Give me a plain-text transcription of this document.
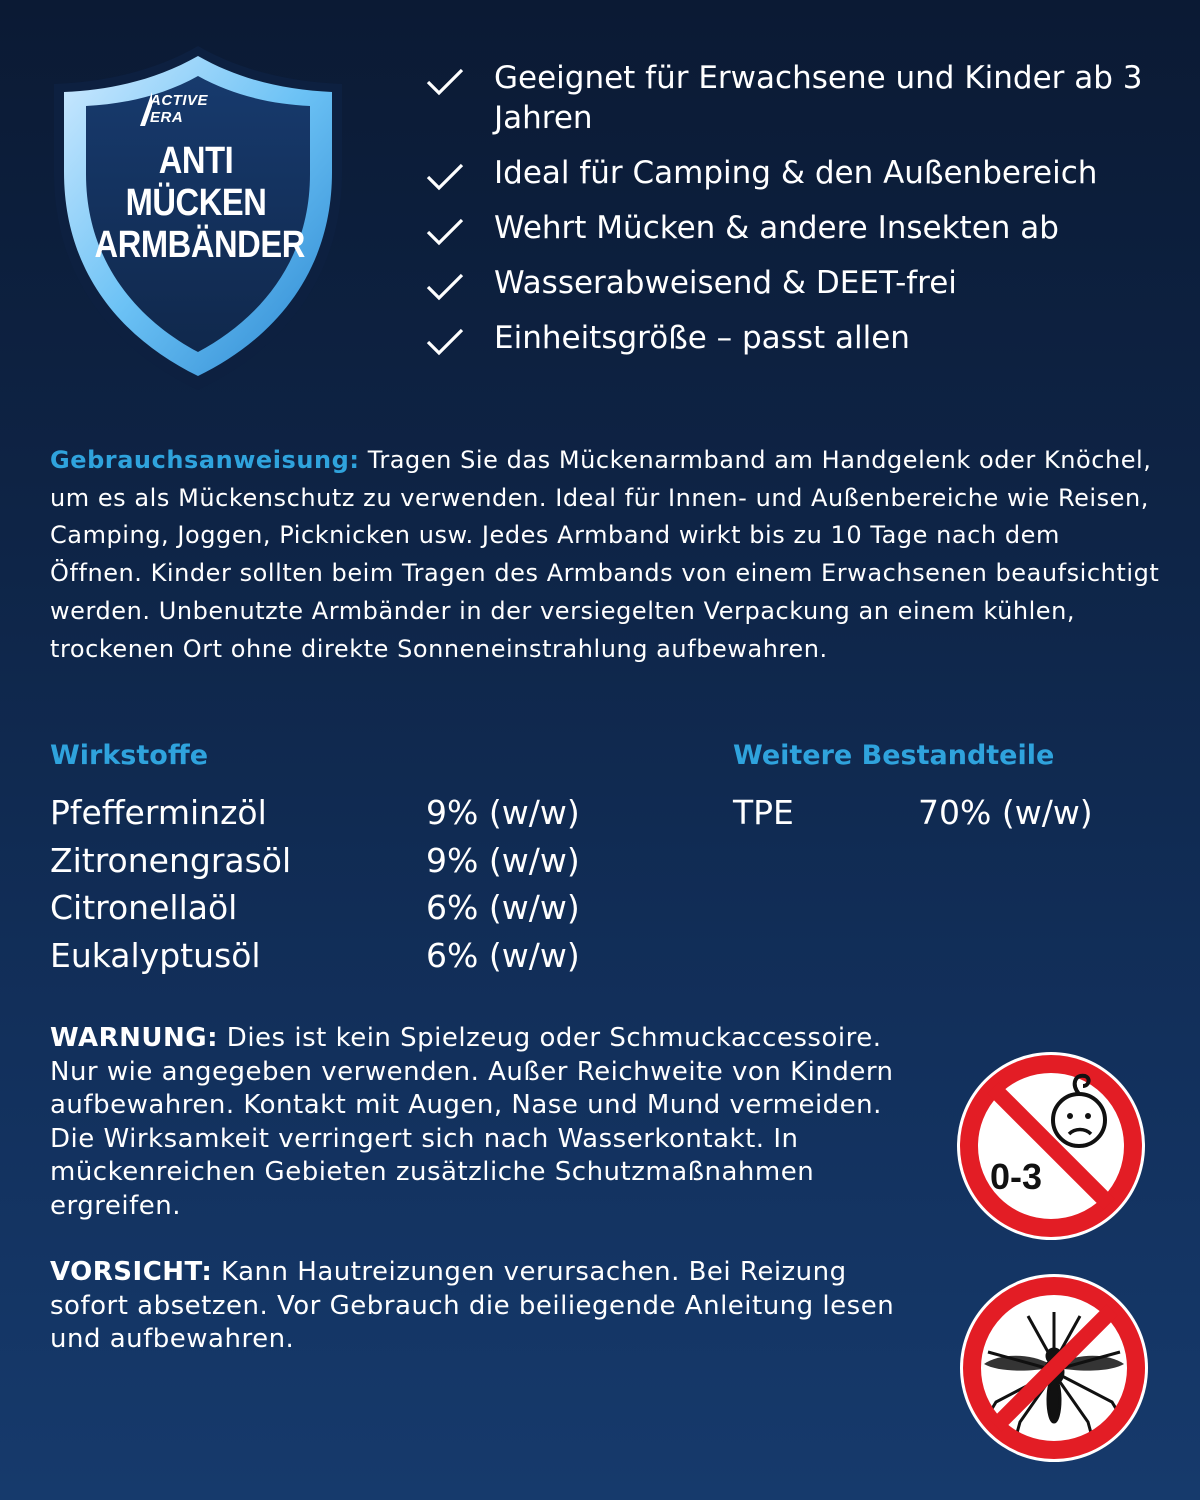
ACTIVE
ERA
ANTI
MÜCKEN
ARMBÄNDER
Geeignet für Erwachsene und Kinder ab 3 Jahren
Ideal für Camping & den Außenbereich
Wehrt Mücken & andere Insekten ab
Wasserabweisend & DEET-frei
Einheitsgröße – passt allen
Gebrauchsanweisung: Tragen Sie das Mückenarmband am Handgelenk oder Knöchel, um es als Mückenschutz zu verwenden. Ideal für Innen- und Außenbereiche wie Reisen, Camping, Joggen, Picknicken usw. Jedes Armband wirkt bis zu 10 Tage nach dem Öffnen. Kinder sollten beim Tragen des Armbands von einem Erwachsenen beaufsichtigt werden. Unbenutzte Armbänder in der versiegelten Verpackung an einem kühlen, trockenen Ort ohne direkte Sonneneinstrahlung aufbewahren.
Wirkstoffe
Pfefferminzöl	9% (w/w)
Zitronengrasöl	9% (w/w)
Citronellaöl	6% (w/w)
Eukalyptusöl	6% (w/w)
Weitere Bestandteile
TPE	70% (w/w)
WARNUNG: Dies ist kein Spielzeug oder Schmuckaccessoire. Nur wie angegeben verwenden. Außer Reichweite von Kindern aufbewahren. Kontakt mit Augen, Nase und Mund vermeiden. Die Wirksamkeit verringert sich nach Wasserkontakt. In mückenreichen Gebieten zusätzliche Schutzmaßnahmen ergreifen.
VORSICHT: Kann Hautreizungen verursachen. Bei Reizung sofort absetzen. Vor Gebrauch die beiliegende Anleitung lesen und aufbewahren.
0-3
